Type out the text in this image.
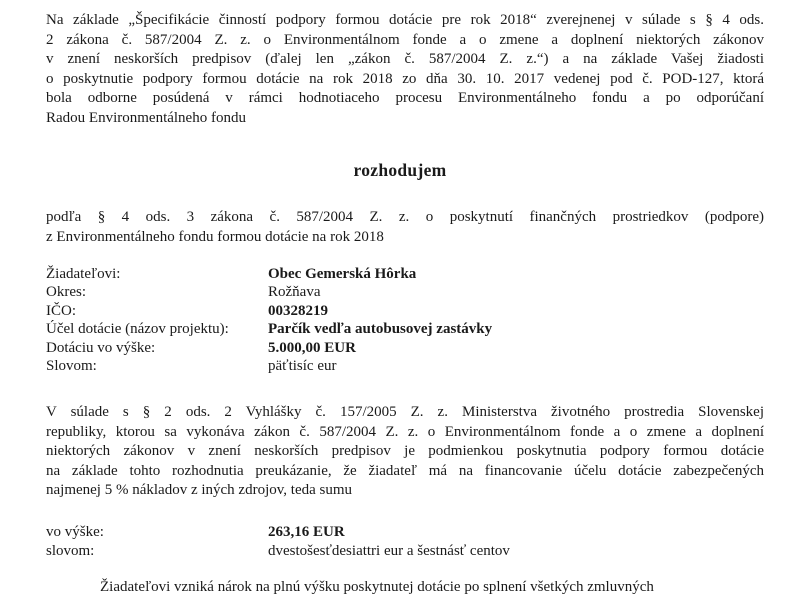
Na základe „Špecifikácie činností podpory formou dotácie pre rok 2018“ zverejnenej v súlade s § 4 ods.
2 zákona č. 587/2004 Z. z. o Environmentálnom fonde a o zmene a doplnení niektorých zákonov
v znení neskorších predpisov (ďalej len „zákon č. 587/2004 Z. z.“) a na základe Vašej žiadosti
o poskytnutie podpory formou dotácie na rok 2018 zo dňa 30. 10. 2017 vedenej pod č. POD-127, ktorá
bola odborne posúdená v rámci hodnotiaceho procesu Environmentálneho fondu a po odporúčaní
Radou Environmentálneho fondu
rozhodujem
podľa § 4 ods. 3 zákona č. 587/2004 Z. z. o poskytnutí finančných prostriedkov (podpore)
z Environmentálneho fondu formou dotácie na rok 2018
Žiadateľovi:	Obec Gemerská Hôrka
Okres:	Rožňava
IČO:	00328219
Účel dotácie (názov projektu):	Parčík vedľa autobusovej zastávky
Dotáciu vo výške:	5.000,00 EUR
Slovom:	päťtisíc eur
V súlade s § 2 ods. 2 Vyhlášky č. 157/2005 Z. z. Ministerstva životného prostredia Slovenskej
republiky, ktorou sa vykonáva zákon č. 587/2004 Z. z. o Environmentálnom fonde a o zmene a doplnení
niektorých zákonov v znení neskorších predpisov je podmienkou poskytnutia podpory formou dotácie
na základe tohto rozhodnutia preukázanie, že žiadateľ má na financovanie účelu dotácie zabezpečených
najmenej 5 % nákladov z iných zdrojov, teda sumu
vo výške:	263,16 EUR
slovom:	dvestošesťdesiattri eur a šestnásť centov
Žiadateľovi vzniká nárok na plnú výšku poskytnutej dotácie po splnení všetkých zmluvných
